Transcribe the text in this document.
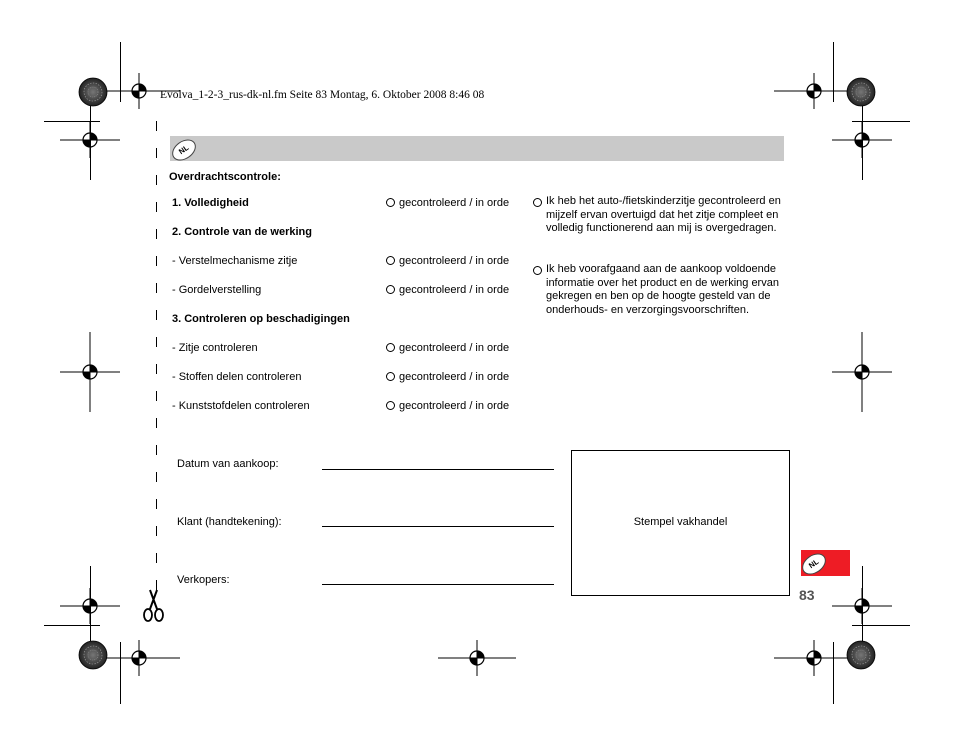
Evolva_1-2-3_rus-dk-nl.fm Seite 83 Montag, 6. Oktober 2008 8:46 08
NL
Overdrachtscontrole:
1. Volledigheid	gecontroleerd / in orde
2. Controle van de werking
- Verstelmechanisme zitje	gecontroleerd / in orde
- Gordelverstelling	gecontroleerd / in orde
3. Controleren op beschadigingen
- Zitje controleren	gecontroleerd / in orde
- Stoffen delen controleren	gecontroleerd / in orde
- Kunststofdelen controleren	gecontroleerd / in orde
Ik heb het auto-/fietskinderzitje gecontroleerd en mijzelf ervan overtuigd dat het zitje compleet en volledig functionerend aan mij is overgedragen.
Ik heb voorafgaand aan de aankoop voldoende informatie over het product en de werking ervan gekregen en ben op de hoogte gesteld van de onderhouds- en verzorgingsvoorschriften.
Datum van aankoop:
Klant (handtekening):
Verkopers:
Stempel vakhandel
NL
83
